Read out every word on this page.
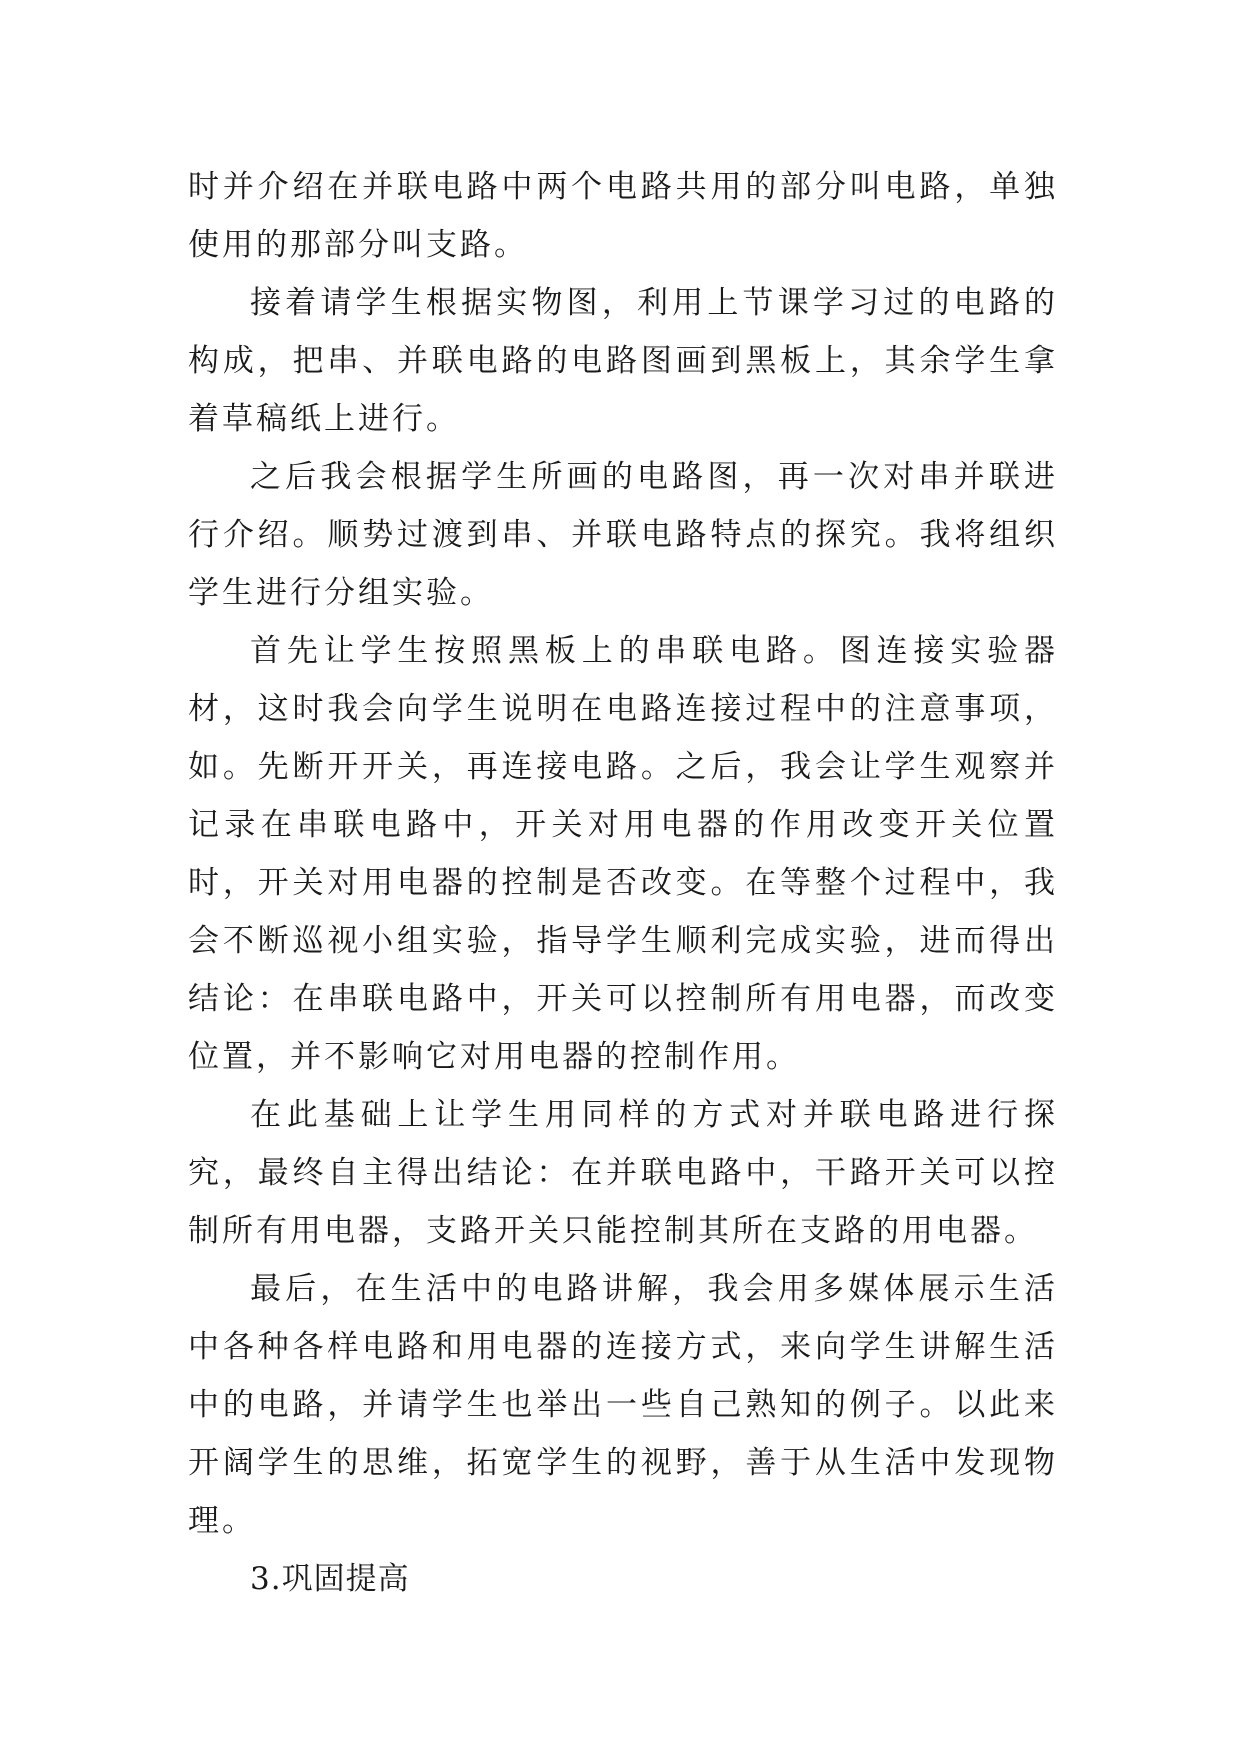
时并介绍在并联电路中两个电路共用的部分叫电路，单独使用的那部分叫支路。

接着请学生根据实物图，利用上节课学习过的电路的构成，把串、并联电路的电路图画到黑板上，其余学生拿着草稿纸上进行。

之后我会根据学生所画的电路图，再一次对串并联进行介绍。顺势过渡到串、并联电路特点的探究。我将组织学生进行分组实验。

首先让学生按照黑板上的串联电路。图连接实验器材，这时我会向学生说明在电路连接过程中的注意事项，如。先断开开关，再连接电路。之后，我会让学生观察并记录在串联电路中，开关对用电器的作用改变开关位置时，开关对用电器的控制是否改变。在等整个过程中，我会不断巡视小组实验，指导学生顺利完成实验，进而得出结论：在串联电路中，开关可以控制所有用电器，而改变位置，并不影响它对用电器的控制作用。

在此基础上让学生用同样的方式对并联电路进行探究，最终自主得出结论：在并联电路中，干路开关可以控制所有用电器，支路开关只能控制其所在支路的用电器。

最后，在生活中的电路讲解，我会用多媒体展示生活中各种各样电路和用电器的连接方式，来向学生讲解生活中的电路，并请学生也举出一些自己熟知的例子。以此来开阔学生的思维，拓宽学生的视野，善于从生活中发现物理。

3.巩固提高
